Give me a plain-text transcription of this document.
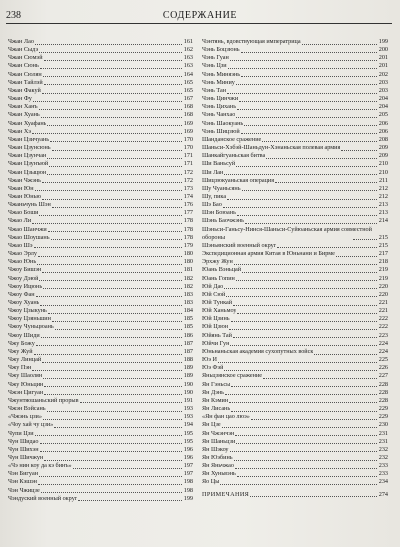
238	СОДЕРЖАНИЕ
Чжан Лао	161
Чжан Сыдэ	162
Чжан Сюмэй	163
Чжан Сюнь	163
Чжан Сюлян	164
Чжан Тайлэй	165
Чжан Факуй	165
Чжан Фу	167
Чжан Ханъ	168
Чжан Хуань	168
Чжан Хуафань	169
Чжан Хэ	169
Чжан Цзичуань	170
Чжан Цзунсюнь	170
Чжан Цзунчан	171
Чжан Цзунъюй	171
Чжан Цзыцюн	172
Чжан Чжэнь	172
Чжан Юн	173
Чжан Юнью	174
Чжаньчунь Шэн	176
Чжао Боши	177
Чжао Ли	178
Чжао Шанчжи	178
Чжао Шоушань	178
Чжао Шэ	179
Чжао Эрлу	180
Чжао Юнь	180
Чжоу Бишэн	181
Чжоу Дэюй	182
Чжоу Ицюнь	182
Чжоу Фан	183
Чжоу Хуань	183
Чжоу Цзыкунь	184
Чжоу Цзяньшин	185
Чжоу Чуньцюань	185
Чжоу Шиди	186
Чжу Божу	187
Чжу Жуй	187
Чжу Линцай	188
Чжу Пэн	189
Чжу Шаолян	189
Чжу Юньцин	190
Чжэн Цигуан	190
Чжунтяошаньский прорыв	191
Чжэн Вэйсань	193
«Чжэнь цзи»	193
«Чоу хай чу цзи»	194
Чупи Цзи	195
Чун Шидао	195
Чун Шихэн	196
Чун Шичжун	196
«Чэ нин коу да кэ бинъ»	197
Чэн Бигуан	197
Чэн Кэшэн	198
Чэн Чжицзе	198
Чэндуский военный округ	199
Чэнтянь, вдовствующая императрица	199
Чэнь Боцзюнь	200
Чэнь Гуан	201
Чэнь Цзи	201
Чэнь Миняэнь	202
Чэнь Миниу	203
Чэнь Тан	203
Чэнь Цинчжи	204
Чэнь Цихань	204
Чэнь Чанхао	205
Чэнь Шаокуань	206
Чэнь Шицзюй	206
Шанданское сражение	208
Шаньси-Хэбэй-Шаньдун-Хэнаньская полевая армия	209
Шанкайгуаньская битва	209
Ши Ваньсуй	210
Ши Лан	210
Шицзюкуаньская операция	211
Шу Чуаньсянь	212
Шу, пика	212
Шэ Бао	213
Шэн Боюань	213
Шэнь Баочжэнь	214
Шэньси-Ганьсу-Нинся-Шаньси-Суйюаньская армия совместной обороны	215
Шэньянский военный округ	215
Экспедиционная армия Китая в Юньнани и Бирме	217
Эрхжу Жун	218
Юань Вэньцай	219
Юань Гопин	219
Юй Дао	220
Юй Сюй	220
Юй Тункай	221
Юй Ханьмоу	221
Юй Цзинь	222
Юй Цзюн	222
Юйянь Тай	223
Юйчи Гун	224
Юньнаньская академия сухопутных войск	224
Юэ И	225
Юэ Фэй	226
Яньцзянское сражение	227
Ян Гэньсы	228
Ян Дэнь	228
Ян Кэмин	228
Ян Лисань	229
«Ян фан цао люэ»	229
Ян Цзе	230
Ян Чжэнчэн	231
Ян Шаньцзи	231
Ян Шэкоу	232
Ян Юэбинь	232
Ян Яньчжао	233
Ян Хуньвэнь	233
Яо Цы	234
ПРИМЕЧАНИЯ	274
